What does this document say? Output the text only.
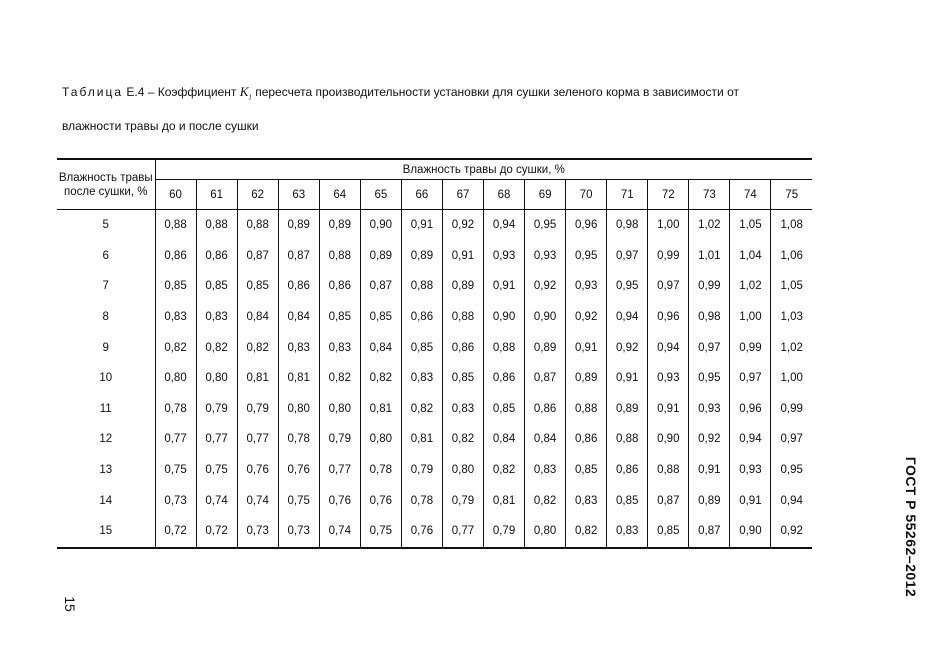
Таблица Е.4 – Коэффициент $K_1$ пересчета производительности установки для сушки зеленого корма в зависимости от
влажности травы до и после сушки

Влажность травы после сушки, %	Влажность травы до сушки, %															
	60	61	62	63	64	65	66	67	68	69	70	71	72	73	74	75
5	0,88	0,88	0,88	0,89	0,89	0,90	0,91	0,92	0,94	0,95	0,96	0,98	1,00	1,02	1,05	1,08
6	0,86	0,86	0,87	0,87	0,88	0,89	0,89	0,91	0,93	0,93	0,95	0,97	0,99	1,01	1,04	1,06
7	0,85	0,85	0,85	0,86	0,86	0,87	0,88	0,89	0,91	0,92	0,93	0,95	0,97	0,99	1,02	1,05
8	0,83	0,83	0,84	0,84	0,85	0,85	0,86	0,88	0,90	0,90	0,92	0,94	0,96	0,98	1,00	1,03
9	0,82	0,82	0,82	0,83	0,83	0,84	0,85	0,86	0,88	0,89	0,91	0,92	0,94	0,97	0,99	1,02
10	0,80	0,80	0,81	0,81	0,82	0,82	0,83	0,85	0,86	0,87	0,89	0,91	0,93	0,95	0,97	1,00
11	0,78	0,79	0,79	0,80	0,80	0,81	0,82	0,83	0,85	0,86	0,88	0,89	0,91	0,93	0,96	0,99
12	0,77	0,77	0,77	0,78	0,79	0,80	0,81	0,82	0,84	0,84	0,86	0,88	0,90	0,92	0,94	0,97
13	0,75	0,75	0,76	0,76	0,77	0,78	0,79	0,80	0,82	0,83	0,85	0,86	0,88	0,91	0,93	0,95
14	0,73	0,74	0,74	0,75	0,76	0,76	0,78	0,79	0,81	0,82	0,83	0,85	0,87	0,89	0,91	0,94
15	0,72	0,72	0,73	0,73	0,74	0,75	0,76	0,77	0,79	0,80	0,82	0,83	0,85	0,87	0,90	0,92	ГОСТ Р 55262–2012
15
